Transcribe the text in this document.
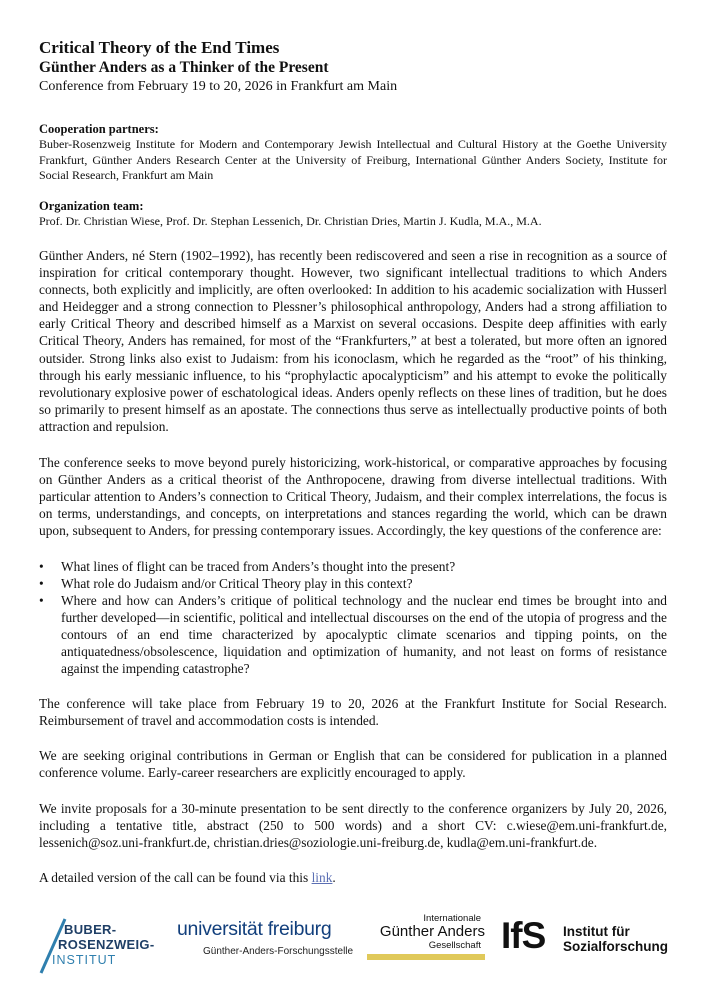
Critical Theory of the End Times
Günther Anders as a Thinker of the Present

Conference from February 19 to 20, 2026 in Frankfurt am Main

Cooperation partners:

Buber-Rosenzweig Institute for Modern and Contemporary Jewish Intellectual and Cultural History at the Goethe University Frankfurt, Günther Anders Research Center at the University of Freiburg, International Günther Anders Society, Institute for Social Research, Frankfurt am Main

Organization team:

Prof. Dr. Christian Wiese, Prof. Dr. Stephan Lessenich, Dr. Christian Dries, Martin J. Kudla, M.A., M.A.

Günther Anders, né Stern (1902–1992), has recently been rediscovered and seen a rise in recognition as a source of inspiration for critical contemporary thought. However, two significant intellectual traditions to which Anders connects, both explicitly and implicitly, are often overlooked: In addition to his academic socialization with Husserl and Heidegger and a strong connection to Plessner’s philosophical anthropology, Anders had a strong affiliation to early Critical Theory and described himself as a Marxist on several occasions. Despite deep affinities with early Critical Theory, Anders has remained, for most of the “Frankfurters,” at best a tolerated, but more often an ignored outsider. Strong links also exist to Judaism: from his iconoclasm, which he regarded as the “root” of his thinking, through his early messianic influence, to his “prophylactic apocalypticism” and his attempt to evoke the politically revolutionary explosive power of eschatological ideas. Anders openly reflects on these lines of tradition, but he does so primarily to present himself as an apostate. The connections thus serve as intellectually productive points of both attraction and repulsion.

The conference seeks to move beyond purely historicizing, work-historical, or comparative approaches by focusing on Günther Anders as a critical theorist of the Anthropocene, drawing from diverse intellectual traditions. With particular attention to Anders’s connection to Critical Theory, Judaism, and their complex interrelations, the focus is on terms, understandings, and concepts, on interpretations and stances regarding the world, which can be drawn upon, subsequent to Anders, for pressing contemporary issues. Accordingly, the key questions of the conference are:

• What lines of flight can be traced from Anders’s thought into the present?
• What role do Judaism and/or Critical Theory play in this context?
• Where and how can Anders’s critique of political technology and the nuclear end times be brought into and further developed—in scientific, political and intellectual discourses on the end of the utopia of progress and the contours of an end time characterized by apocalyptic climate scenarios and tipping points, on the antiquatedness/obsolescence, liquidation and optimization of humanity, and not least on forms of resistance against the impending catastrophe?

The conference will take place from February 19 to 20, 2026 at the Frankfurt Institute for Social Research. Reimbursement of travel and accommodation costs is intended.

We are seeking original contributions in German or English that can be considered for publication in a planned conference volume. Early-career researchers are explicitly encouraged to apply.

We invite proposals for a 30-minute presentation to be sent directly to the conference organizers by July 20, 2026, including a tentative title, abstract (250 to 500 words) and a short CV: c.wiese@em.uni-frankfurt.de, lessenich@soz.uni-frankfurt.de, christian.dries@soziologie.uni-freiburg.de, kudla@em.uni-frankfurt.de.

A detailed version of the call can be found via this link.

BUBER-
ROSENZWEIG-
INSTITUT
universität freiburg
Günther-Anders-Forschungsstelle
Internationale
Günther Anders
Gesellschaft IfS Institut für
Sozialforschung
